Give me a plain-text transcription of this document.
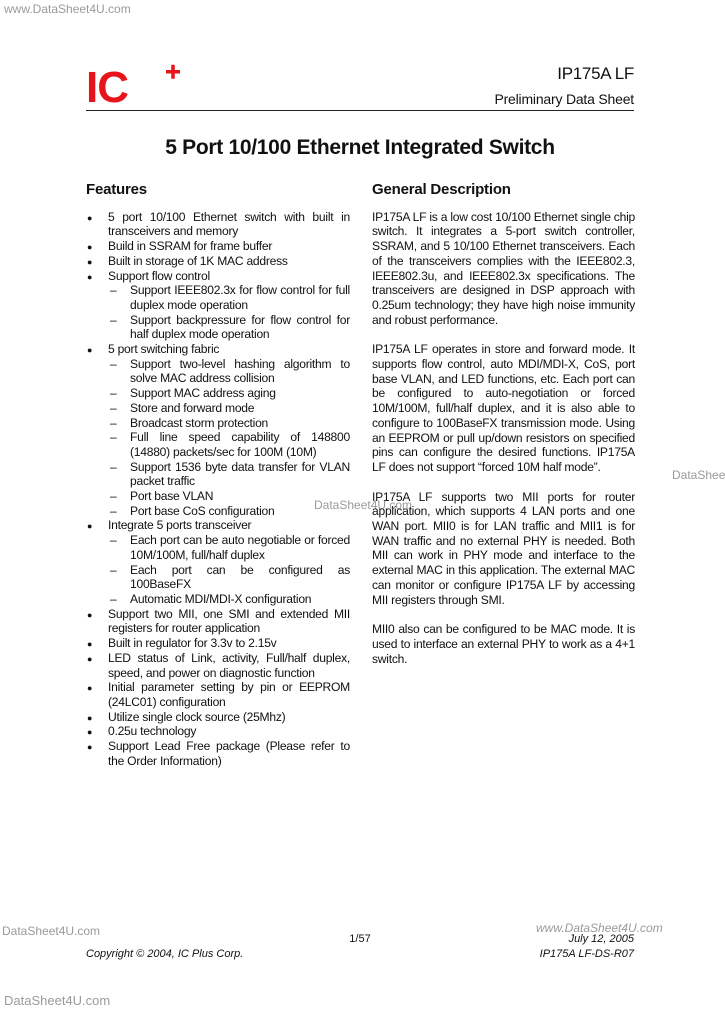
www.DataSheet4U.com
DataSheet4U.com
DataShee
DataSheet4U.com	www.DataSheet4U.com
DataSheet4U.com
IC	IP175A LF
Preliminary Data Sheet
5 Port 10/100 Ethernet Integrated Switch
Features
● 5 port 10/100 Ethernet switch with built in transceivers and memory
● Build in SSRAM for frame buffer
● Built in storage of 1K MAC address
● Support flow control
– Support IEEE802.3x for flow control for full duplex mode operation
– Support backpressure for flow control for half duplex mode operation
● 5 port switching fabric
– Support two-level hashing algorithm to solve MAC address collision
– Support MAC address aging
– Store and forward mode
– Broadcast storm protection
– Full line speed capability of 148800 (14880) packets/sec for 100M (10M)
– Support 1536 byte data transfer for VLAN packet traffic
– Port base VLAN
– Port base CoS configuration
● Integrate 5 ports transceiver
– Each port can be auto negotiable or forced 10M/100M, full/half duplex
– Each port can be configured as 100BaseFX
– Automatic MDI/MDI-X configuration
● Support two MII, one SMI and extended MII registers for router application
● Built in regulator for 3.3v to 2.15v
● LED status of Link, activity, Full/half duplex, speed, and power on diagnostic function
● Initial parameter setting by pin or EEPROM (24LC01) configuration
● Utilize single clock source (25Mhz)
● 0.25u technology
● Support Lead Free package (Please refer to the Order Information)
General Description

IP175A LF is a low cost 10/100 Ethernet single chip switch. It integrates a 5-port switch controller, SSRAM, and 5 10/100 Ethernet transceivers. Each of the transceivers complies with the IEEE802.3, IEEE802.3u, and IEEE802.3x specifications. The transceivers are designed in DSP approach with 0.25um technology; they have high noise immunity and robust performance.

IP175A LF operates in store and forward mode. It supports flow control, auto MDI/MDI-X, CoS, port base VLAN, and LED functions, etc. Each port can be configured to auto-negotiation or forced 10M/100M, full/half duplex, and it is also able to configure to 100BaseFX transmission mode. Using an EEPROM or pull up/down resistors on specified pins can configure the desired functions. IP175A LF does not support “forced 10M half mode”.

IP175A LF supports two MII ports for router application, which supports 4 LAN ports and one WAN port. MII0 is for LAN traffic and MII1 is for WAN traffic and no external PHY is needed. Both MII can work in PHY mode and interface to the external MAC in this application. The external MAC can monitor or configure IP175A LF by accessing MII registers through SMI.

MII0 also can be configured to be MAC mode. It is used to interface an external PHY to work as a 4+1 switch.

1/57
Copyright © 2004, IC Plus Corp.
July 12, 2005
IP175A LF-DS-R07
